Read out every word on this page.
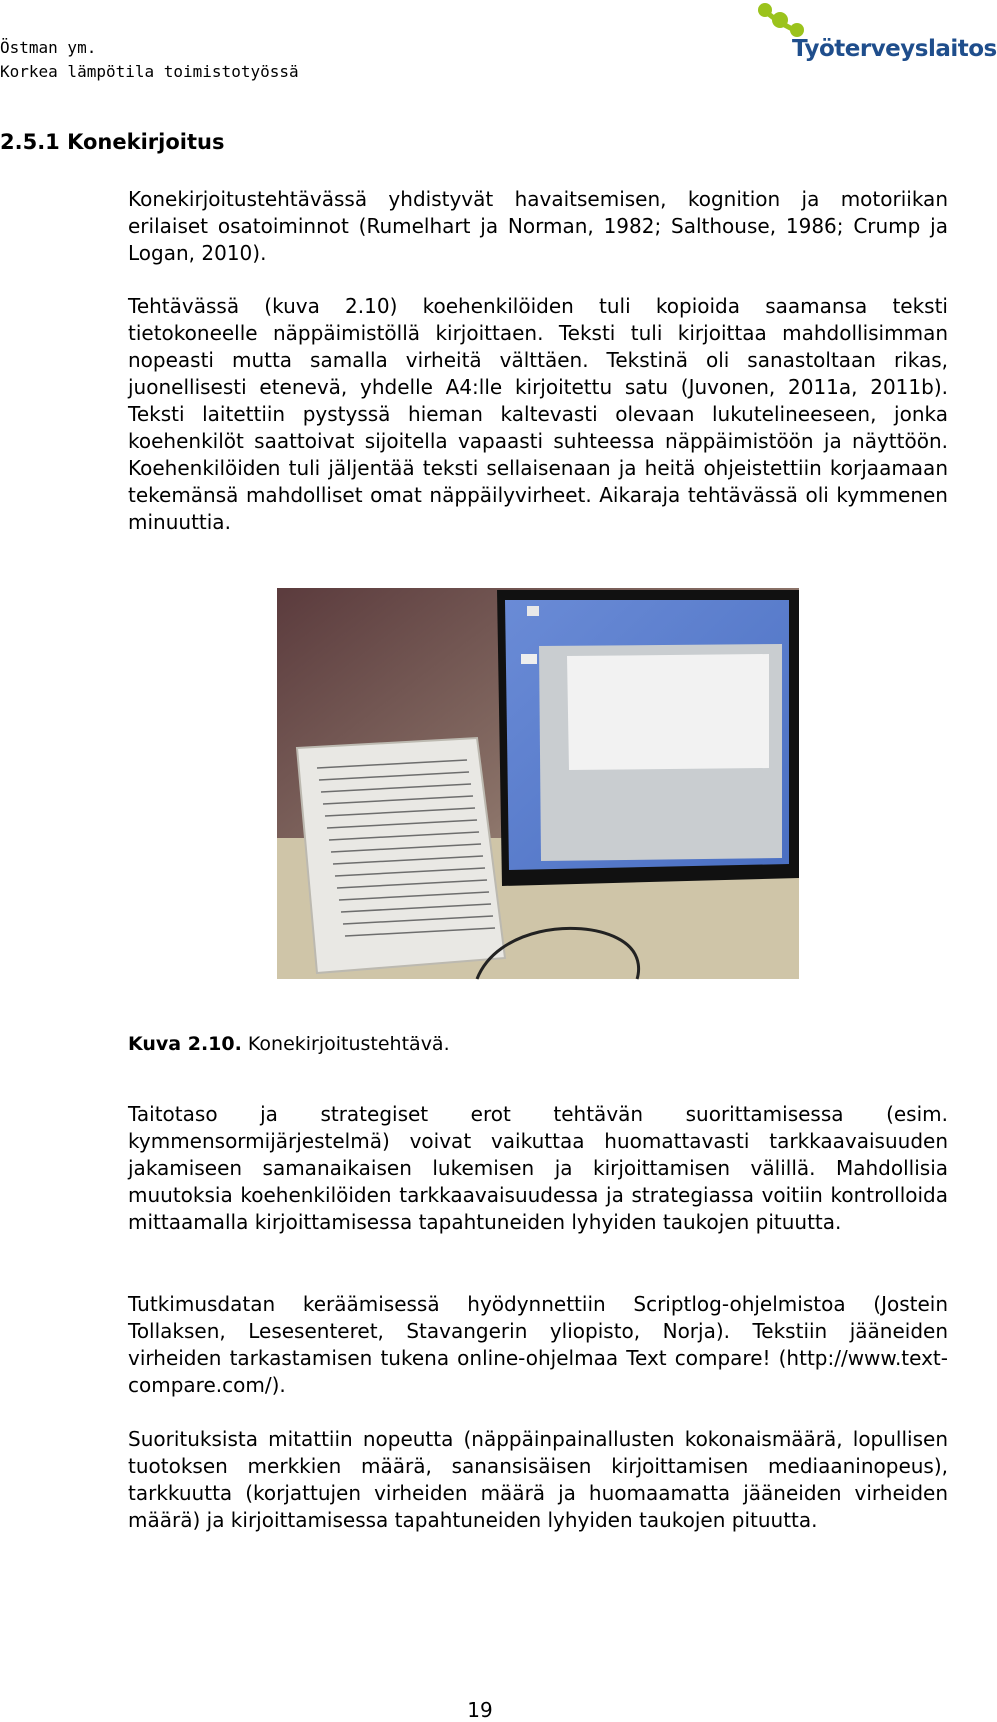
Östman ym.
Korkea lämpötila toimistotyössä
Työterveyslaitos
2.5.1 Konekirjoitus
Konekirjoitustehtävässä yhdistyvät havaitsemisen, kognition ja motoriikan erilaiset osatoiminnot (Rumelhart ja Norman, 1982; Salthouse, 1986; Crump ja Logan, 2010).
Tehtävässä (kuva 2.10) koehenkilöiden tuli kopioida saamansa teksti tietokoneelle näppäimistöllä kirjoittaen. Teksti tuli kirjoittaa mahdollisimman nopeasti mutta samalla virheitä välttäen. Tekstinä oli sanastoltaan rikas, juonellisesti etenevä, yhdelle A4:lle kirjoitettu satu (Juvonen, 2011a, 2011b). Teksti laitettiin pystyssä hieman kaltevasti olevaan lukutelineeseen, jonka koehenkilöt saattoivat sijoitella vapaasti suhteessa näppäimistöön ja näyttöön. Koehenkilöiden tuli jäljentää teksti sellaisenaan ja heitä ohjeistettiin korjaamaan tekemänsä mahdolliset omat näppäilyvirheet. Aikaraja tehtävässä oli kymmenen minuuttia.
Kuva 2.10. Konekirjoitustehtävä.
Taitotaso ja strategiset erot tehtävän suorittamisessa (esim. kymmensormijärjestelmä) voivat vaikuttaa huomattavasti tarkkaavaisuuden jakamiseen samanaikaisen lukemisen ja kirjoittamisen välillä. Mahdollisia muutoksia koehenkilöiden tarkkaavaisuudessa ja strategiassa voitiin kontrolloida mittaamalla kirjoittamisessa tapahtuneiden lyhyiden taukojen pituutta.
Tutkimusdatan keräämisessä hyödynnettiin Scriptlog-ohjelmistoa (Jostein Tollaksen, Lesesenteret, Stavangerin yliopisto, Norja). Tekstiin jääneiden virheiden tarkastamisen tukena online-ohjelmaa Text compare! (http://www.text-compare.com/).
Suorituksista mitattiin nopeutta (näppäinpainallusten kokonaismäärä, lopullisen tuotoksen merkkien määrä, sanansisäisen kirjoittamisen mediaaninopeus), tarkkuutta (korjattujen virheiden määrä ja huomaamatta jääneiden virheiden määrä) ja kirjoittamisessa tapahtuneiden lyhyiden taukojen pituutta.
19
